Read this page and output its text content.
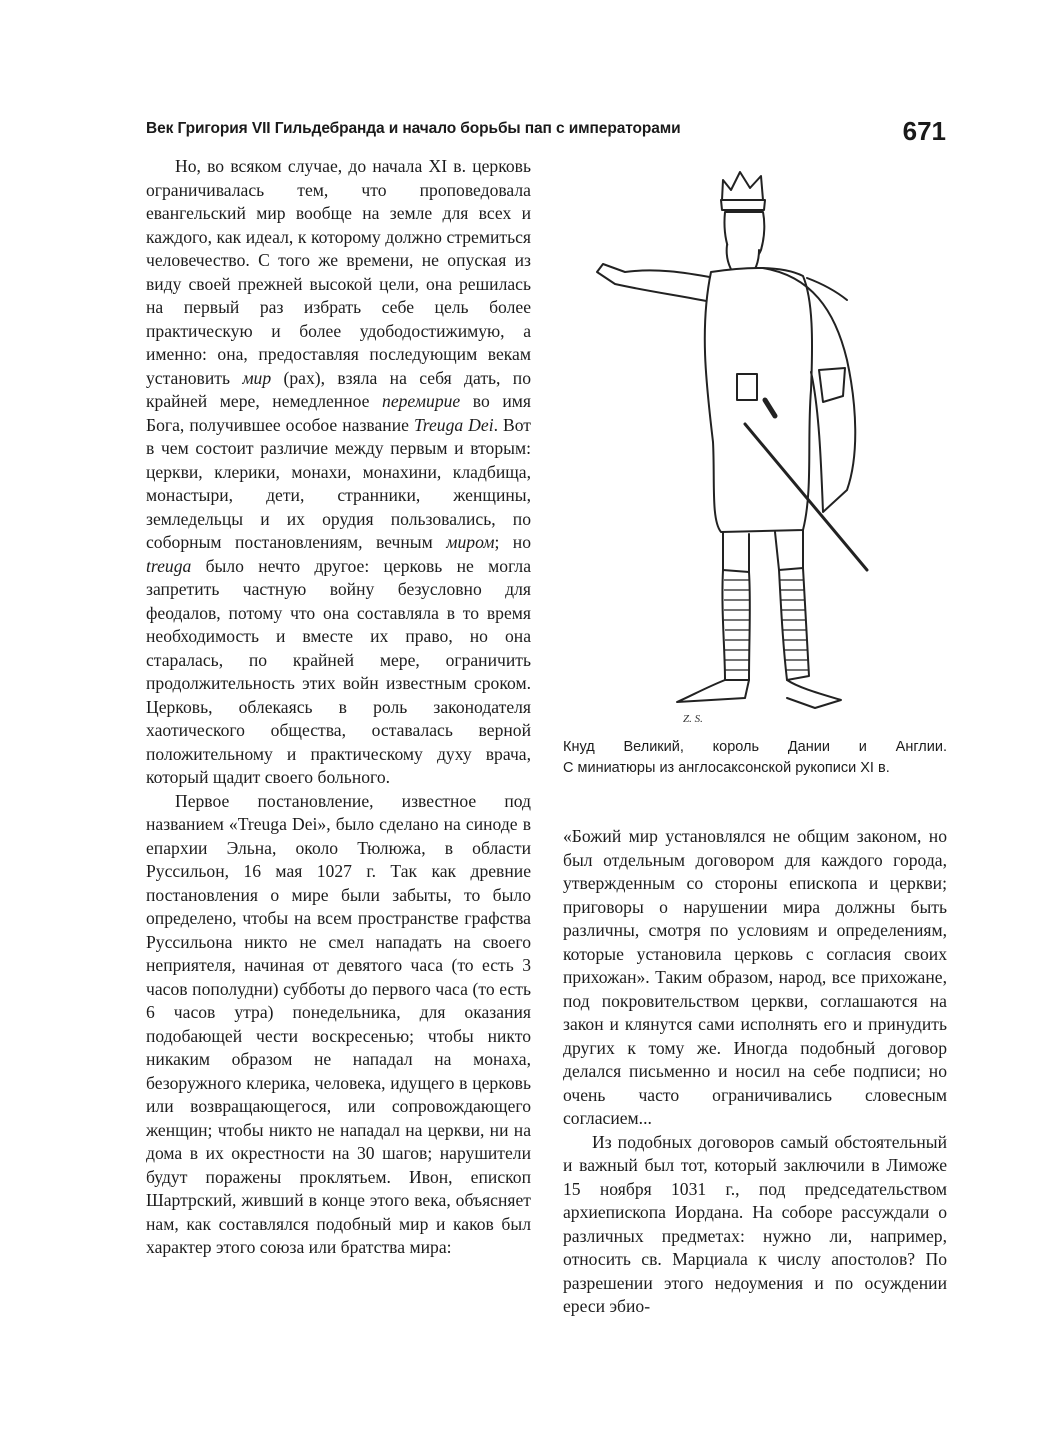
Век Григория VII Гильдебранда и начало борьбы пап с императорами	671

Но, во всяком случае, до начала XI в. церковь ограничивалась тем, что проповедовала евангельский мир вообще на земле для всех и каждого, как идеал, к которому должно стремиться человечество. С того же времени, не опуская из виду своей прежней высокой цели, она решилась на первый раз избрать себе цель более практическую и более удободостижимую, а именно: она, предоставляя последующим векам установить мир (pax), взяла на себя дать, по крайней мере, немедленное перемирие во имя Бога, получившее особое название Treuga Dei. Вот в чем состоит различие между первым и вторым: церкви, клерики, монахи, монахини, кладбища, монастыри, дети, странники, женщины, земледельцы и их орудия пользовались, по соборным постановлениям, вечным миром; но treuga было нечто другое: церковь не могла запретить частную войну безусловно для феодалов, потому что она составляла в то время необходимость и вместе их право, но она старалась, по крайней мере, ограничить продолжительность этих войн известным сроком. Церковь, облекаясь в роль законодателя хаотического общества, оставалась верной положительному и практическому духу врача, который щадит своего больного.

Первое постановление, известное под названием «Treuga Dei», было сделано на синоде в епархии Эльна, около Тюлюжа, в области Руссильон, 16 мая 1027 г. Так как древние постановления о мире были забыты, то было определено, чтобы на всем пространстве графства Руссильона никто не смел нападать на своего неприятеля, начиная от девятого часа (то есть 3 часов пополудни) субботы до первого часа (то есть 6 часов утра) понедельника, для оказания подобающей чести воскресенью; чтобы никто никаким образом не нападал на монаха, безоружного клерика, человека, идущего в церковь или возвращающегося, или сопровождающего женщин; чтобы никто не нападал на церкви, ни на дома в их окрестности на 30 шагов; нарушители будут поражены проклятьем. Ивон, епископ Шартрский, живший в конце этого века, объясняет нам, как составлялся подобный мир и каков был характер этого союза или братства мира:

Z. S.
Кнуд Великий, король Дании и Англии.
С миниатюры из англосаксонской рукописи XI в.

«Божий мир установлялся не общим законом, но был отдельным договором для каждого города, утвержденным со стороны епископа и церкви; приговоры о нарушении мира должны быть различны, смотря по условиям и определениям, которые установила церковь с согласия своих прихожан». Таким образом, народ, все прихожане, под покровительством церкви, соглашаются на закон и клянутся сами исполнять его и принудить других к тому же. Иногда подобный договор делался письменно и носил на себе подписи; но очень часто ограничивались словесным согласием...

Из подобных договоров самый обстоятельный и важный был тот, который заключили в Лиможе 15 ноября 1031 г., под председательством архиепископа Иордана. На соборе рассуждали о различных предметах: нужно ли, например, относить св. Марциала к числу апостолов? По разрешении этого недоумения и по осуждении ереси эбио-
